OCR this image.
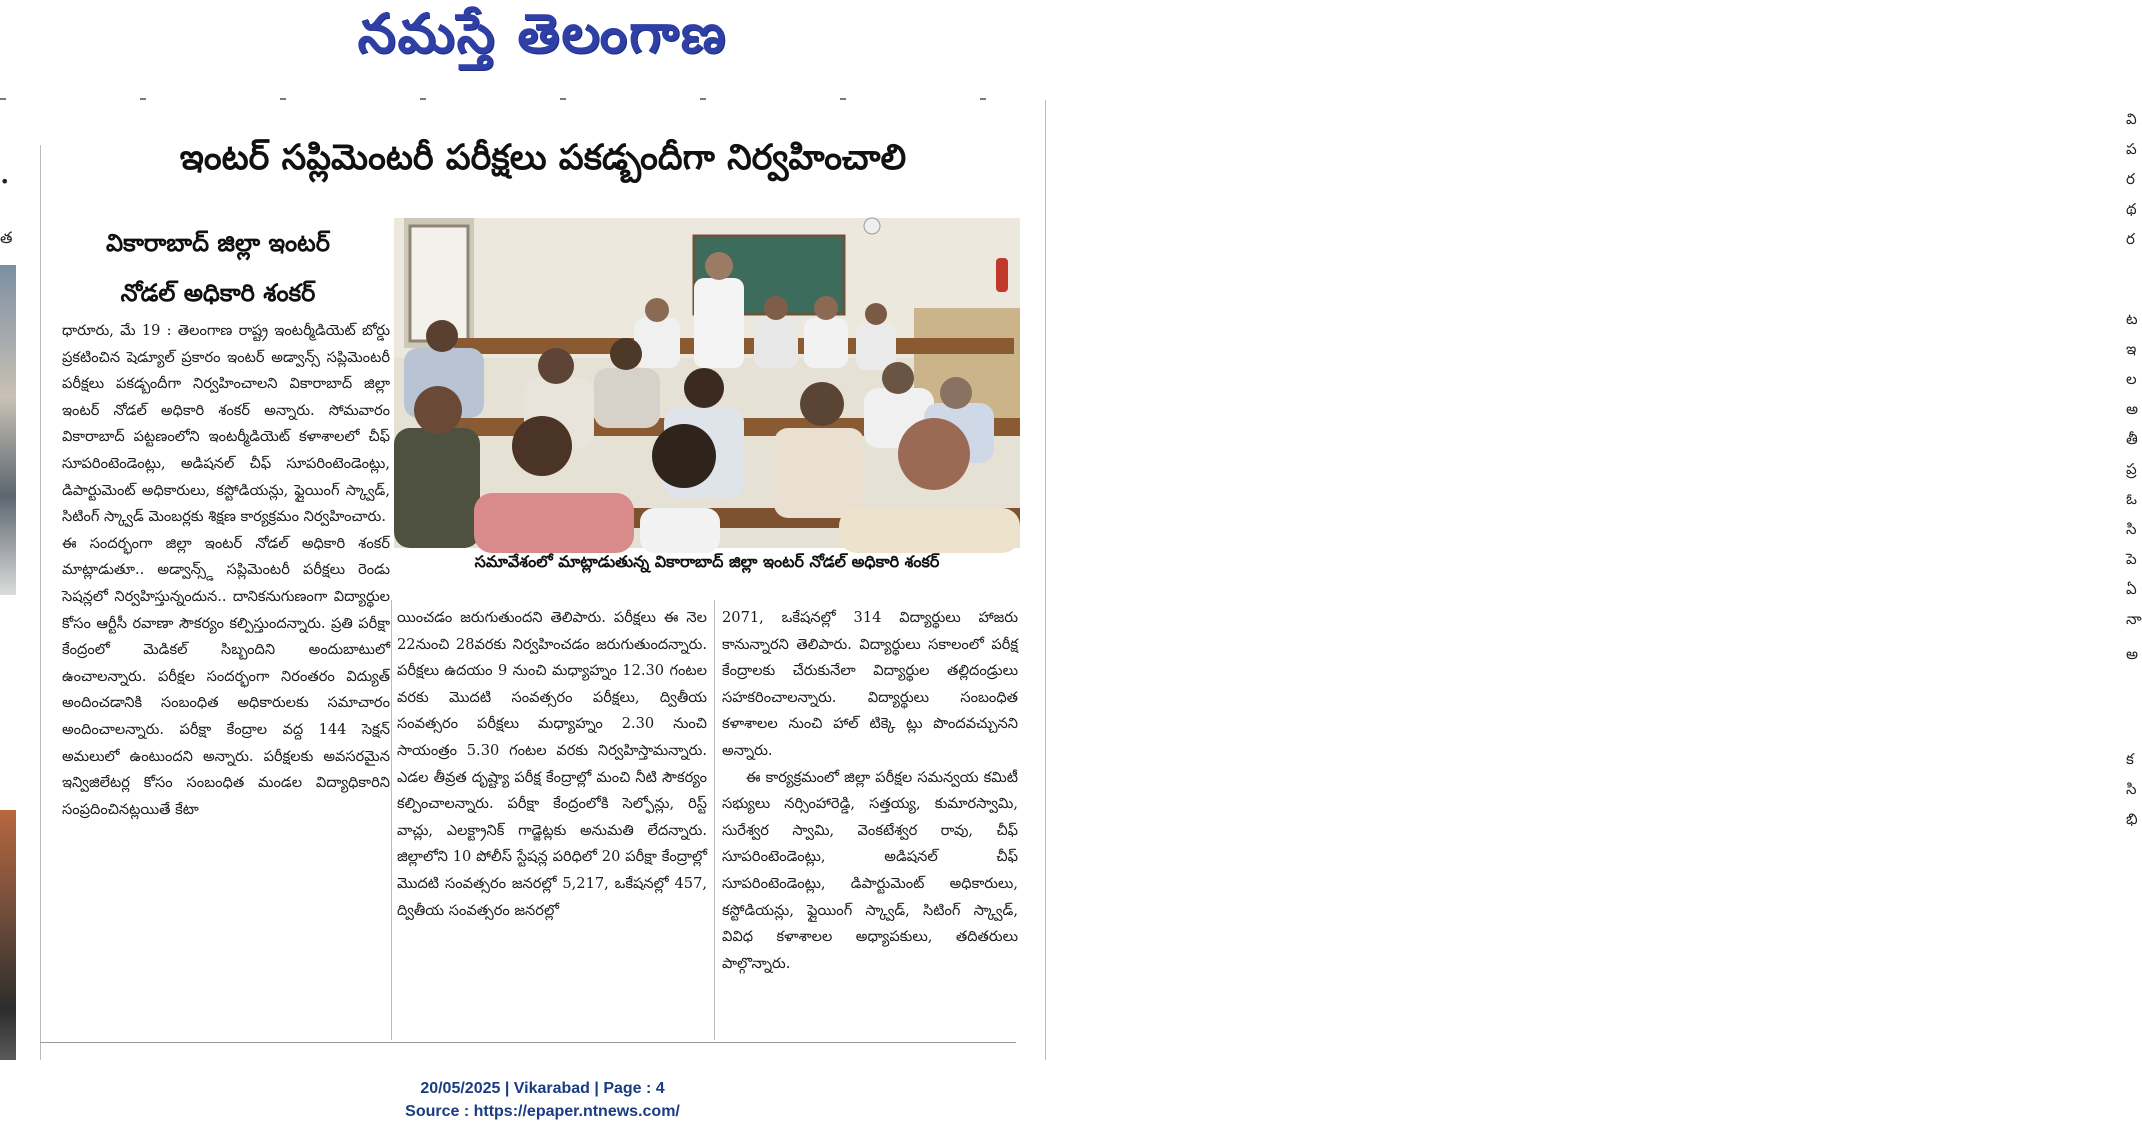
నమస్తే తెలంగాణ
•
త
వి
ప
ర
థ
ర
ట
ఇ
ల
అ
తీ
ప్ర
ఓ
సి
పె
ఏ
నా
అ
క
సి
భి
ఇంటర్ సప్లిమెంటరీ పరీక్షలు పకడ్బందీగా నిర్వహించాలి
వికారాబాద్ జిల్లా ఇంటర్
నోడల్ అధికారి శంకర్
సమావేశంలో మాట్లాడుతున్న వికారాబాద్ జిల్లా ఇంటర్ నోడల్ అధికారి శంకర్

ధారూరు, మే 19 : తెలంగాణ రాష్ట్ర ఇంటర్మీడియెట్ బోర్డు ప్రకటించిన షెడ్యూల్ ప్రకారం ఇంటర్ అడ్వాన్స్ సప్లిమెంటరీ పరీక్షలు పకడ్బందీగా నిర్వహించాలని వికారాబాద్ జిల్లా ఇంటర్ నోడల్ అధికారి శంకర్ అన్నారు. సోమవారం వికారాబాద్ పట్టణంలోని ఇంటర్మీడియెట్ కళాశాలలో చీఫ్ సూపరింటెండెంట్లు, అడిషనల్ చీఫ్ సూపరింటెండెంట్లు, డిపార్టుమెంట్ అధికారులు, కస్టోడియన్లు, ఫ్లైయింగ్ స్క్వాడ్, సిటింగ్ స్క్వాడ్ మెంబర్లకు శిక్షణ కార్యక్రమం నిర్వహించారు.

ఈ సందర్భంగా జిల్లా ఇంటర్ నోడల్ అధికారి శంకర్ మాట్లాడుతూ.. అడ్వాన్స్డ్ సప్లిమెంటరీ పరీక్షలు రెండు సెషన్లలో నిర్వహిస్తున్నందున.. దానికనుగుణంగా విద్యార్థుల కోసం ఆర్టీసీ రవాణా సౌకర్యం కల్పిస్తుందన్నారు. ప్రతి పరీక్షా కేంద్రంలో మెడికల్ సిబ్బందిని అందుబాటులో ఉంచాలన్నారు. పరీక్షల సందర్భంగా నిరంతరం విద్యుత్ అందించడానికి సంబంధిత అధికారులకు సమాచారం అందించాలన్నారు. పరీక్షా కేంద్రాల వద్ద 144 సెక్షన్ అమలులో ఉంటుందని అన్నారు. పరీక్షలకు అవసరమైన ఇన్విజిలేటర్ల కోసం సంబంధిత మండల విద్యాధికారిని సంప్రదించినట్లయితే కేటా

యించడం జరుగుతుందని తెలిపారు. పరీక్షలు ఈ నెల 22నుంచి 28వరకు నిర్వహించడం జరుగుతుందన్నారు. పరీక్షలు ఉదయం 9 నుంచి మధ్యాహ్నం 12.30 గంటల వరకు మొదటి సంవత్సరం పరీక్షలు, ద్వితీయ సంవత్సరం పరీక్షలు మధ్యాహ్నం 2.30 నుంచి సాయంత్రం 5.30 గంటల వరకు నిర్వహిస్తామన్నారు. ఎడల తీవ్రత దృష్ట్యా పరీక్ష కేంద్రాల్లో మంచి నీటి సౌకర్యం కల్పించాలన్నారు. పరీక్షా కేంద్రంలోకి సెల్ఫోన్లు, రిస్ట్ వాచ్లు, ఎలక్ట్రానిక్ గాడ్జెట్లకు అనుమతి లేదన్నారు. జిల్లాలోని 10 పోలీస్ స్టేషన్ల పరిధిలో 20 పరీక్షా కేంద్రాల్లో మొదటి సంవత్సరం జనరల్లో 5,217, ఒకేషనల్లో 457, ద్వితీయ సంవత్సరం జనరల్లో

2071, ఒకేషనల్లో 314 విద్యార్థులు హాజరు కానున్నారని తెలిపారు. విద్యార్థులు సకాలంలో పరీక్ష కేంద్రాలకు చేరుకునేలా విద్యార్థుల తల్లిదండ్రులు సహకరించాలన్నారు. విద్యార్థులు సంబంధిత కళాశాలల నుంచి హాల్ టిక్కె ట్లు పొందవచ్చునని అన్నారు.

ఈ కార్యక్రమంలో జిల్లా పరీక్షల సమన్వయ కమిటీ సభ్యులు నర్సింహారెడ్డి, సత్తయ్య, కుమారస్వామి, సురేశ్వర స్వామి, వెంకటేశ్వర రావు, చీఫ్ సూపరింటెండెంట్లు, అడిషనల్ చీఫ్ సూపరింటెండెంట్లు, డిపార్టుమెంట్ అధికారులు, కస్టోడియన్లు, ఫ్లైయింగ్ స్క్వాడ్, సిటింగ్ స్క్వాడ్, వివిధ కళాశాలల అధ్యాపకులు, తదితరులు పాల్గొన్నారు.

20/05/2025 | Vikarabad | Page : 4
Source : https://epaper.ntnews.com/
